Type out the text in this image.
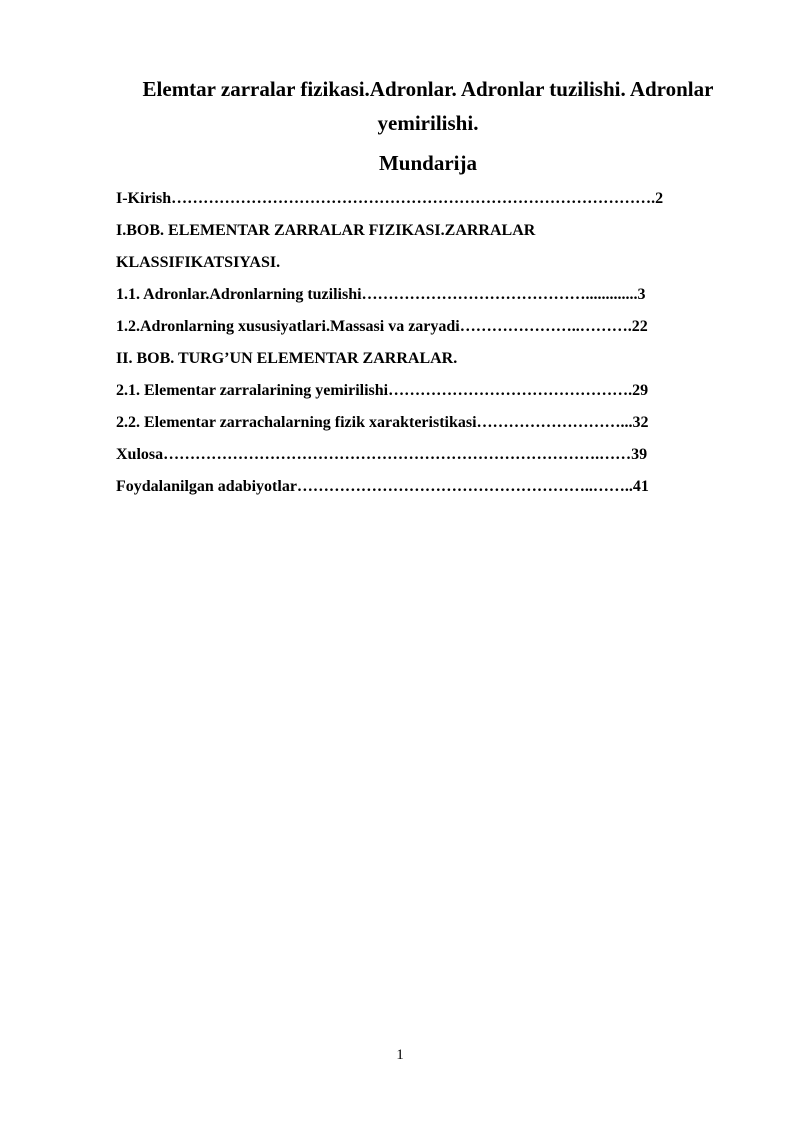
Elemtar zarralar fizikasi.Adronlar. Adronlar tuzilishi. Adronlar yemirilishi.
Mundarija
I-Kirish……………………………………………………………………………….2
I.BOB. ELEMENTAR ZARRALAR FIZIKASI.ZARRALAR
KLASSIFIKATSIYASI.
1.1. Adronlar.Adronlarning tuzilishi…………………………………….............3
1.2.Adronlarning xususiyatlari.Massasi va zaryadi…………………..……….22
II. BOB. TURG’UN ELEMENTAR ZARRALAR.
2.1. Elementar zarralarining yemirilishi……………………………………….29
2.2. Elementar zarrachalarning fizik xarakteristikasi………………………...32
Xulosa……………………………………………………………………….……39
Foydalanilgan adabiyotlar………………………………………………..……..41
1
